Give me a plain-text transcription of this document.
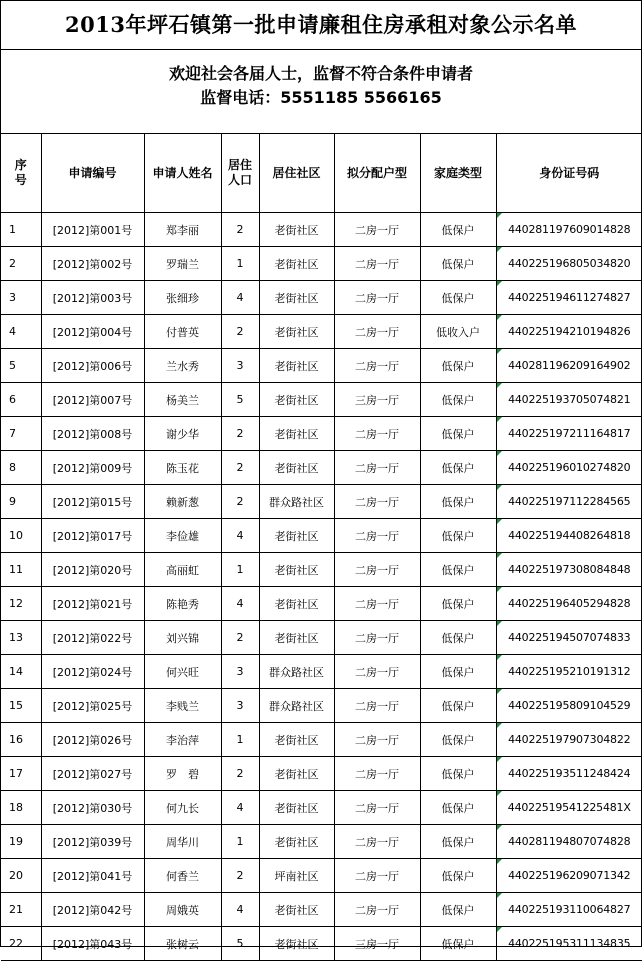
2013年坪石镇第一批申请廉租住房承租对象公示名单
欢迎社会各届人士，监督不符合条件申请者
监督电话：5551185 5566165
序号	申请编号	申请人姓名	居住人口	居住社区	拟分配户型	家庭类型	身份证号码
1	[2012]第001号	郑李丽	2	老街社区	二房一厅	低保户	440281197609014828
2	[2012]第002号	罗瑞兰	1	老街社区	二房一厅	低保户	440225196805034820
3	[2012]第003号	张细珍	4	老街社区	二房一厅	低保户	440225194611274827
4	[2012]第004号	付普英	2	老街社区	二房一厅	低收入户	440225194210194826
5	[2012]第006号	兰水秀	3	老街社区	二房一厅	低保户	440281196209164902
6	[2012]第007号	杨美兰	5	老街社区	三房一厅	低保户	440225193705074821
7	[2012]第008号	谢少华	2	老街社区	二房一厅	低保户	440225197211164817
8	[2012]第009号	陈玉花	2	老街社区	二房一厅	低保户	440225196010274820
9	[2012]第015号	赖新葱	2	群众路社区	二房一厅	低保户	440225197112284565
10	[2012]第017号	李俭雄	4	老街社区	二房一厅	低保户	440225194408264818
11	[2012]第020号	高丽虹	1	老街社区	二房一厅	低保户	440225197308084848
12	[2012]第021号	陈艳秀	4	老街社区	二房一厅	低保户	440225196405294828
13	[2012]第022号	刘兴锦	2	老街社区	二房一厅	低保户	440225194507074833
14	[2012]第024号	何兴旺	3	群众路社区	二房一厅	低保户	440225195210191312
15	[2012]第025号	李贱兰	3	群众路社区	二房一厅	低保户	440225195809104529
16	[2012]第026号	李治萍	1	老街社区	二房一厅	低保户	440225197907304822
17	[2012]第027号	罗　碧	2	老街社区	二房一厅	低保户	440225193511248424
18	[2012]第030号	何九长	4	老街社区	二房一厅	低保户	44022519541225481X
19	[2012]第039号	周华川	1	老街社区	二房一厅	低保户	440281194807074828
20	[2012]第041号	何香兰	2	坪南社区	二房一厅	低保户	440225196209071342
21	[2012]第042号	周娥英	4	老街社区	二房一厅	低保户	440225193110064827
22	[2012]第043号	张树云	5	老街社区	三房一厅	低保户	440225195311134835
